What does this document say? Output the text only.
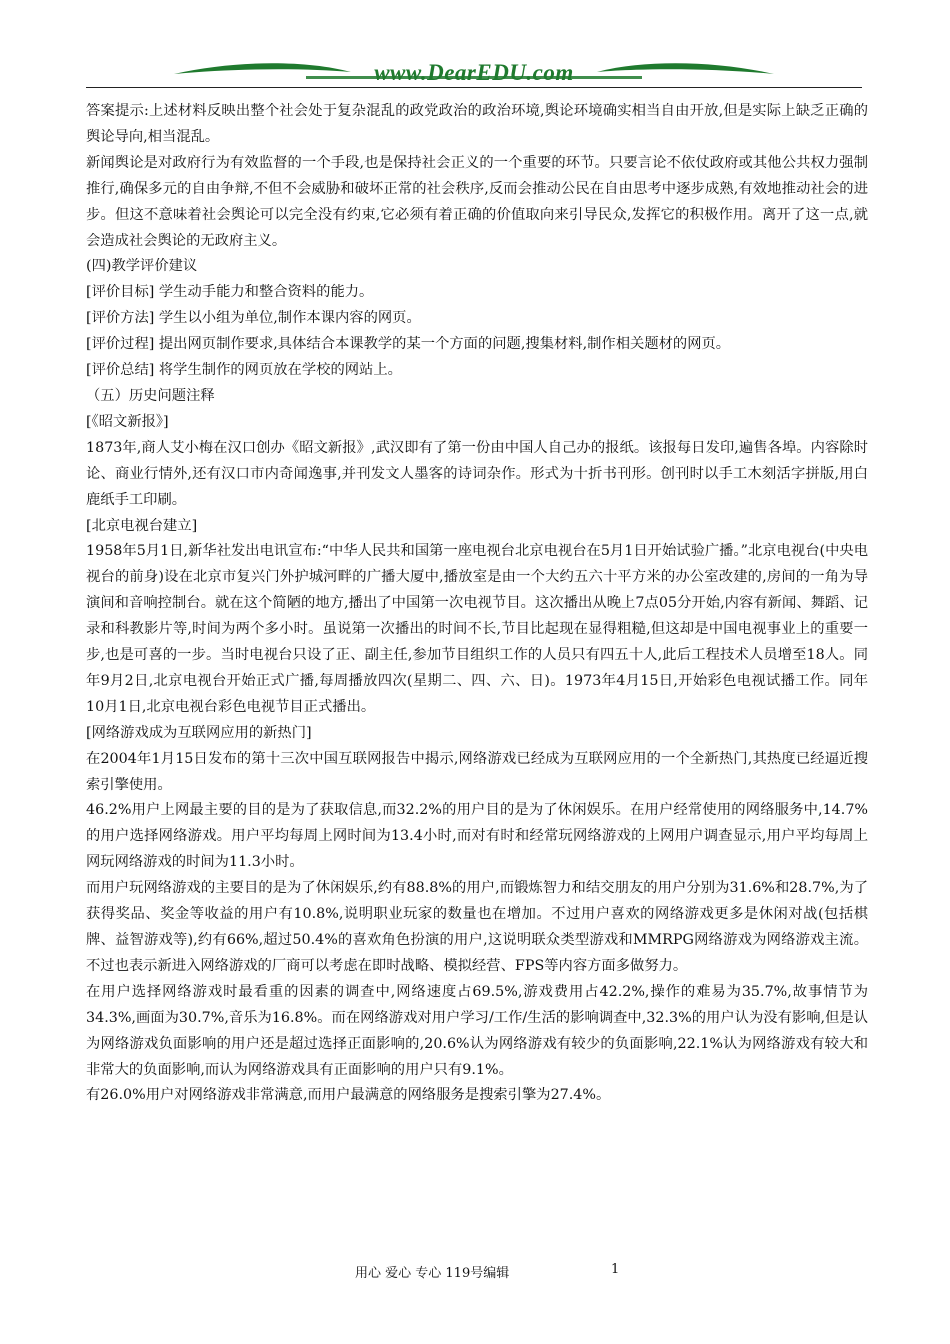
www.DearEDU.com

答案提示:上述材料反映出整个社会处于复杂混乱的政党政治的政治环境,舆论环境确实相当自由开放,但是实际上缺乏正确的舆论导向,相当混乱。

新闻舆论是对政府行为有效监督的一个手段,也是保持社会正义的一个重要的环节。只要言论不依仗政府或其他公共权力强制推行,确保多元的自由争辩,不但不会威胁和破坏正常的社会秩序,反而会推动公民在自由思考中逐步成熟,有效地推动社会的进步。但这不意味着社会舆论可以完全没有约束,它必须有着正确的价值取向来引导民众,发挥它的积极作用。离开了这一点,就会造成社会舆论的无政府主义。

(四)教学评价建议

[评价目标] 学生动手能力和整合资料的能力。

[评价方法] 学生以小组为单位,制作本课内容的网页。

[评价过程] 提出网页制作要求,具体结合本课教学的某一个方面的问题,搜集材料,制作相关题材的网页。

[评价总结] 将学生制作的网页放在学校的网站上。

（五）历史问题注释

[《昭文新报》]

1873年,商人艾小梅在汉口创办《昭文新报》,武汉即有了第一份由中国人自己办的报纸。该报每日发印,遍售各埠。内容除时论、商业行情外,还有汉口市内奇闻逸事,并刊发文人墨客的诗词杂作。形式为十折书刊形。创刊时以手工木刻活字拼版,用白鹿纸手工印刷。

[北京电视台建立]

1958年5月1日,新华社发出电讯宣布:“中华人民共和国第一座电视台北京电视台在5月1日开始试验广播。”北京电视台(中央电视台的前身)设在北京市复兴门外护城河畔的广播大厦中,播放室是由一个大约五六十平方米的办公室改建的,房间的一角为导演间和音响控制台。就在这个简陋的地方,播出了中国第一次电视节目。这次播出从晚上7点05分开始,内容有新闻、舞蹈、记录和科教影片等,时间为两个多小时。虽说第一次播出的时间不长,节目比起现在显得粗糙,但这却是中国电视事业上的重要一步,也是可喜的一步。当时电视台只设了正、副主任,参加节目组织工作的人员只有四五十人,此后工程技术人员增至18人。同年9月2日,北京电视台开始正式广播,每周播放四次(星期二、四、六、日)。1973年4月15日,开始彩色电视试播工作。同年10月1日,北京电视台彩色电视节目正式播出。

[网络游戏成为互联网应用的新热门]

在2004年1月15日发布的第十三次中国互联网报告中揭示,网络游戏已经成为互联网应用的一个全新热门,其热度已经逼近搜索引擎使用。

46.2%用户上网最主要的目的是为了获取信息,而32.2%的用户目的是为了休闲娱乐。在用户经常使用的网络服务中,14.7%的用户选择网络游戏。用户平均每周上网时间为13.4小时,而对有时和经常玩网络游戏的上网用户调查显示,用户平均每周上网玩网络游戏的时间为11.3小时。

而用户玩网络游戏的主要目的是为了休闲娱乐,约有88.8%的用户,而锻炼智力和结交朋友的用户分别为31.6%和28.7%,为了获得奖品、奖金等收益的用户有10.8%,说明职业玩家的数量也在增加。不过用户喜欢的网络游戏更多是休闲对战(包括棋牌、益智游戏等),约有66%,超过50.4%的喜欢角色扮演的用户,这说明联众类型游戏和MMRPG网络游戏为网络游戏主流。不过也表示新进入网络游戏的厂商可以考虑在即时战略、模拟经营、FPS等内容方面多做努力。

在用户选择网络游戏时最看重的因素的调查中,网络速度占69.5%,游戏费用占42.2%,操作的难易为35.7%,故事情节为34.3%,画面为30.7%,音乐为16.8%。而在网络游戏对用户学习/工作/生活的影响调查中,32.3%的用户认为没有影响,但是认为网络游戏负面影响的用户还是超过选择正面影响的,20.6%认为网络游戏有较少的负面影响,22.1%认为网络游戏有较大和非常大的负面影响,而认为网络游戏具有正面影响的用户只有9.1%。

有26.0%用户对网络游戏非常满意,而用户最满意的网络服务是搜索引擎为27.4%。

用心 爱心 专心 119号编辑	1
